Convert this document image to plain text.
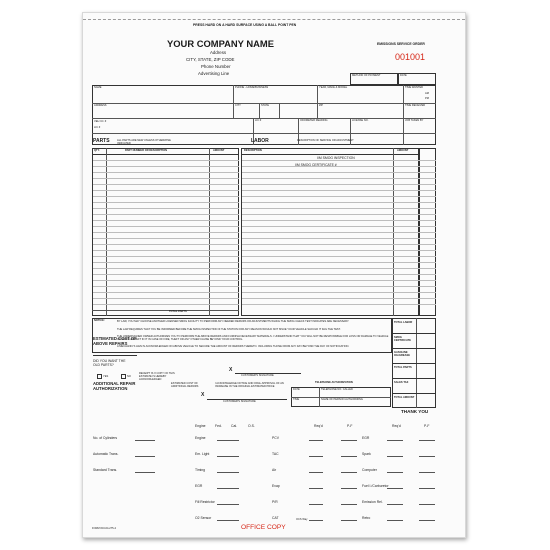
PRESS HARD ON A HARD SURFACE USING A BALL POINT PEN
YOUR COMPANY NAME
Address
CITY, STATE, ZIP CODE
Phone Number
Advertising Line
EMISSIONS SERVICE ORDER
001001
METHOD OF PAYMENT	DATE
NAME	PHONE - HOME/BUSINESS	YEAR, MAKE & MODEL	TIME WANTED
AM
PM
ADDRESS	CITY	STATE	ZIP	TIME RECEIVED
VEH I.D. #
LIC #
LIC #	ODOMETER READING	LICENSE NO.	JOB TAKEN BY
PARTS	ALL PARTS ARE NEW UNLESS OTHERWISE INDICATED	LABOR	DESCRIPTION OF SERVICE OR ADJUSTMENT
QTY.	PART NUMBER OR DESCRIPTION	AMOUNT
TOTAL PARTS
DESCRIPTION	AMOUNT
I/M SMOG INSPECTION
I/M SMOG CERTIFICATE #
NOTICE:	BY LAW, YOU MAY CHOOSE ANOTHER LICENSED SMOG FACILITY TO PERFORM ANY NEEDED REPAIRS OR ADJUSTMENTS WHICH THE SMOG CHECK TEST INDICATES ARE NECESSARY.
THE LAW REQUIRES THAT YOU BE INFORMED BEFORE THE SMOG INSPECTION IF THE STATION FOR ANY REASON WOULD NOT ISSUE YOUR VEHICLE SHOULD IT FAIL THE TEST.
THE UNDERSIGNED OWNER AUTHORIZES YOU TO PERFORM THE ABOVE REPAIRS AND FURNISH NECESSARY MATERIALS. I UNDERSTAND THAT YOU WILL NOT BE RESPONSIBLE FOR LOSS OR DAMAGE TO VEHICLE OR ARTICLES LEFT IN IT IN CASE OF FIRE, THEFT OR ANY OTHER CAUSE BEYOND YOUR CONTROL.
A MECHANIC'S LIEN IS ACKNOWLEDGED ON ABOVE VEHICLE TO SECURE THE AMOUNT OF REPAIRS THERETO. INCLUDING THOSE FROM ANY DAY BEYOND THE DAY OF NOTIFICATION.
ESTIMATED COST OF ABOVE REPAIRS
DID YOU WANT THE OLD PARTS?
YES	NO
ADDITIONAL REPAIR AUTHORIZATION
RECEIPT IS X COPY OF THIS ESTIMATE IS HEREBY ACKNOWLEDGED
X
CUSTOMER'S SIGNATURE
ESTIMATED COST OF ADDITIONAL REPAIRS
I ACKNOWLEDGE NOTICE AND ORAL APPROVAL OF AN INCREASE IN THE ORIGINAL ESTIMATED PRICE
X
CUSTOMER'S SIGNATURE
TELEPHONE AUTHORIZATION
DATE	TELEPHONE NO. CALLED
TIME	NAME OF PERSON AUTHORIZING
THANK YOU
No. of Cylinders
Automatic Trans.
Standard Trans.
Engine	Fed.	Cal.	O.S.	Req'd	P-F	Req'd	P-F
OCS Way
FORM #CC24-275-4	OFFICE COPY
TOTAL LABOR
SMOG CERTIFICATE
GASOLINE OIL/GREASE
TOTAL PARTS
SALES TAX
TOTAL AMOUNT
Engine	PCV	EGR
Em. Light	TAC	Spark
Timing	Air	Computer
EGR	Evap	Fuel I./Carburetor
Fill Restrictor	P/R	Emission Rel.
O2 Sensor	CAT	Retro
